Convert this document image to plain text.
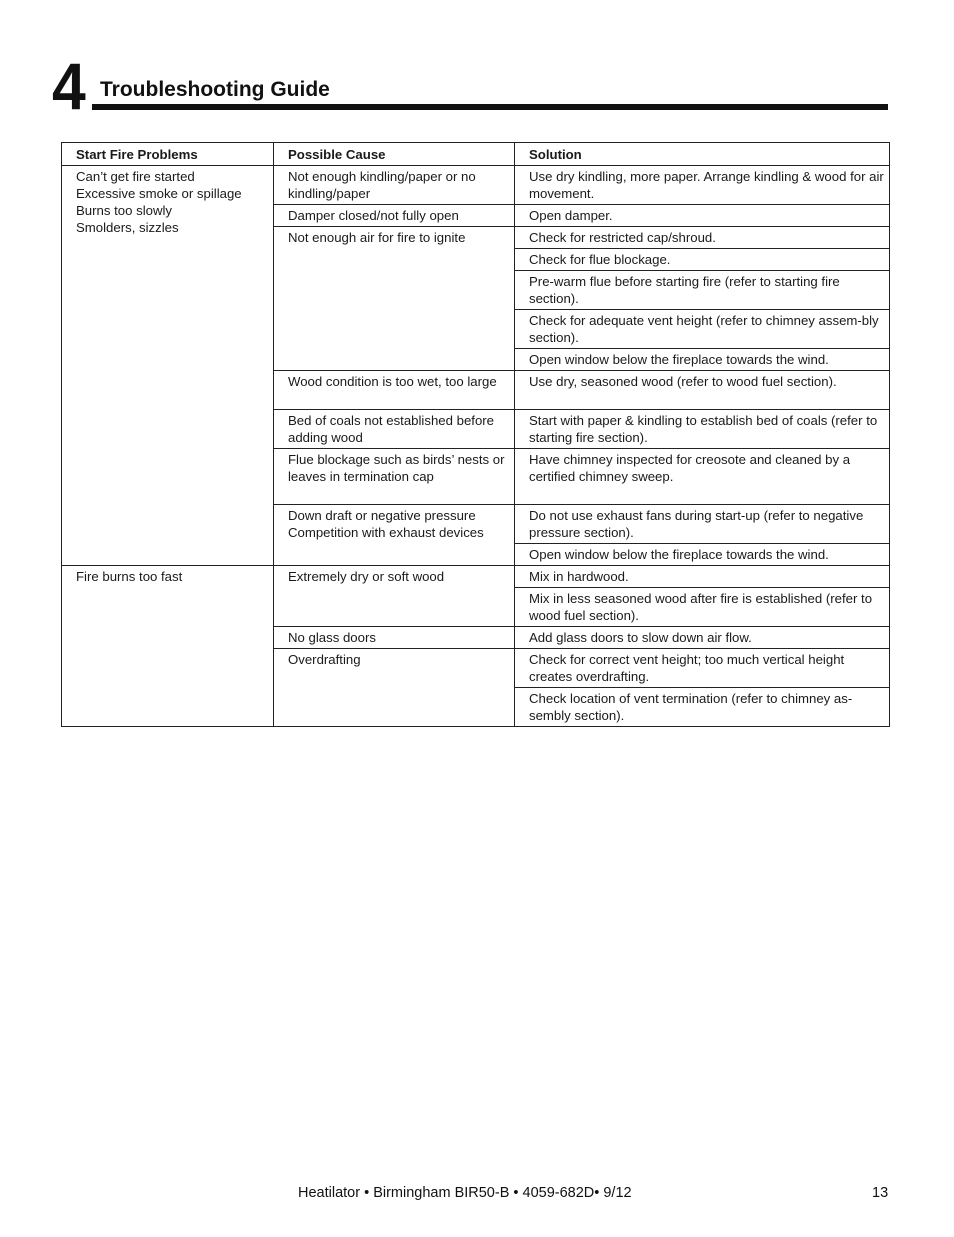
4 Troubleshooting Guide
Start Fire Problems	Possible Cause	Solution

Can’t get fire started
Excessive smoke or spillage
Burns too slowly
Smolders, sizzles	Not enough kindling/paper or no kindling/paper	Use dry kindling, more paper. Arrange kindling & wood for air movement.
	Damper closed/not fully open	Open damper.
	Not enough air for fire to ignite	Check for restricted cap/shroud.
		Check for flue blockage.
		Pre-warm flue before starting fire (refer to starting fire section).
		Check for adequate vent height (refer to chimney assem-bly section).
		Open window below the fireplace towards the wind.
	Wood condition is too wet, too large	Use dry, seasoned wood (refer to wood fuel section).
	Bed of coals not established before adding wood	Start with paper & kindling to establish bed of coals (refer to starting fire section).
	Flue blockage such as birds’ nests or leaves in termination cap	Have chimney inspected for creosote and cleaned by a certified chimney sweep.
	Down draft or negative pressure Competition with exhaust devices	Do not use exhaust fans during start-up (refer to negative pressure section).
		Open window below the fireplace towards the wind.
Fire burns too fast	Extremely dry or soft wood	Mix in hardwood.
		Mix in less seasoned wood after fire is established (refer to wood fuel section).
	No glass doors	Add glass doors to slow down air flow.
	Overdrafting	Check for correct vent height; too much vertical height creates overdrafting.
		Check location of vent termination (refer to chimney as-sembly section).
Heatilator • Birmingham BIR50-B • 4059-682D• 9/12	13
